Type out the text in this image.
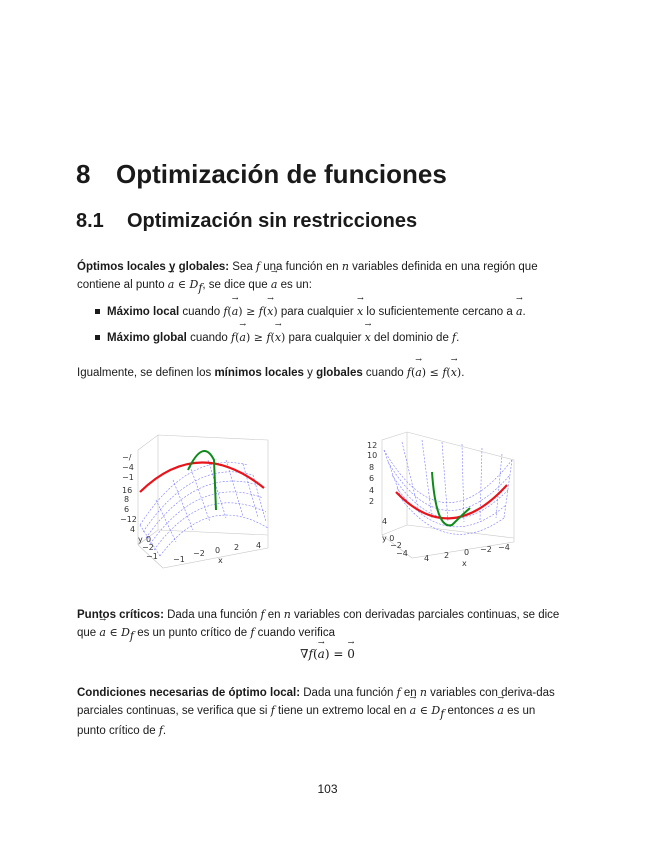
8 Optimización de funciones
8.1 Optimización sin restricciones
Óptimos locales y globales: Sea f una función en n variables definida en una región que contiene al punto → a ∈ $D_f$, se dice que → a es un:
Máximo local cuando f(→ a) ≥ f(→ x) para cualquier → x lo suficientemente cercano a → a.
Máximo global cuando f(→ a) ≥ f(→ x) para cualquier → x del dominio de f.
Igualmente, se definen los mínimos locales y globales cuando f(→ a) ≤ f(→ x).
−/
−4
−1
16
8
6
−12
4
y 0
−2
−1 −1
−2 0 2 4
x
12
10
8
6
4
2
4
y 0
−2
−4
4 2 0 −2 −4
x
Puntos críticos: Dada una función f en n variables con derivadas parciales continuas, se dice que → a ∈ $D_f$ es un punto crítico de f cuando verifica
∇f(→ a) = → 0
Condiciones necesarias de óptimo local: Dada una función f en n variables con deriva-das parciales continuas, se verifica que si f tiene un extremo local en → a ∈ $D_f$ entonces → a es un punto crítico de f.
103
